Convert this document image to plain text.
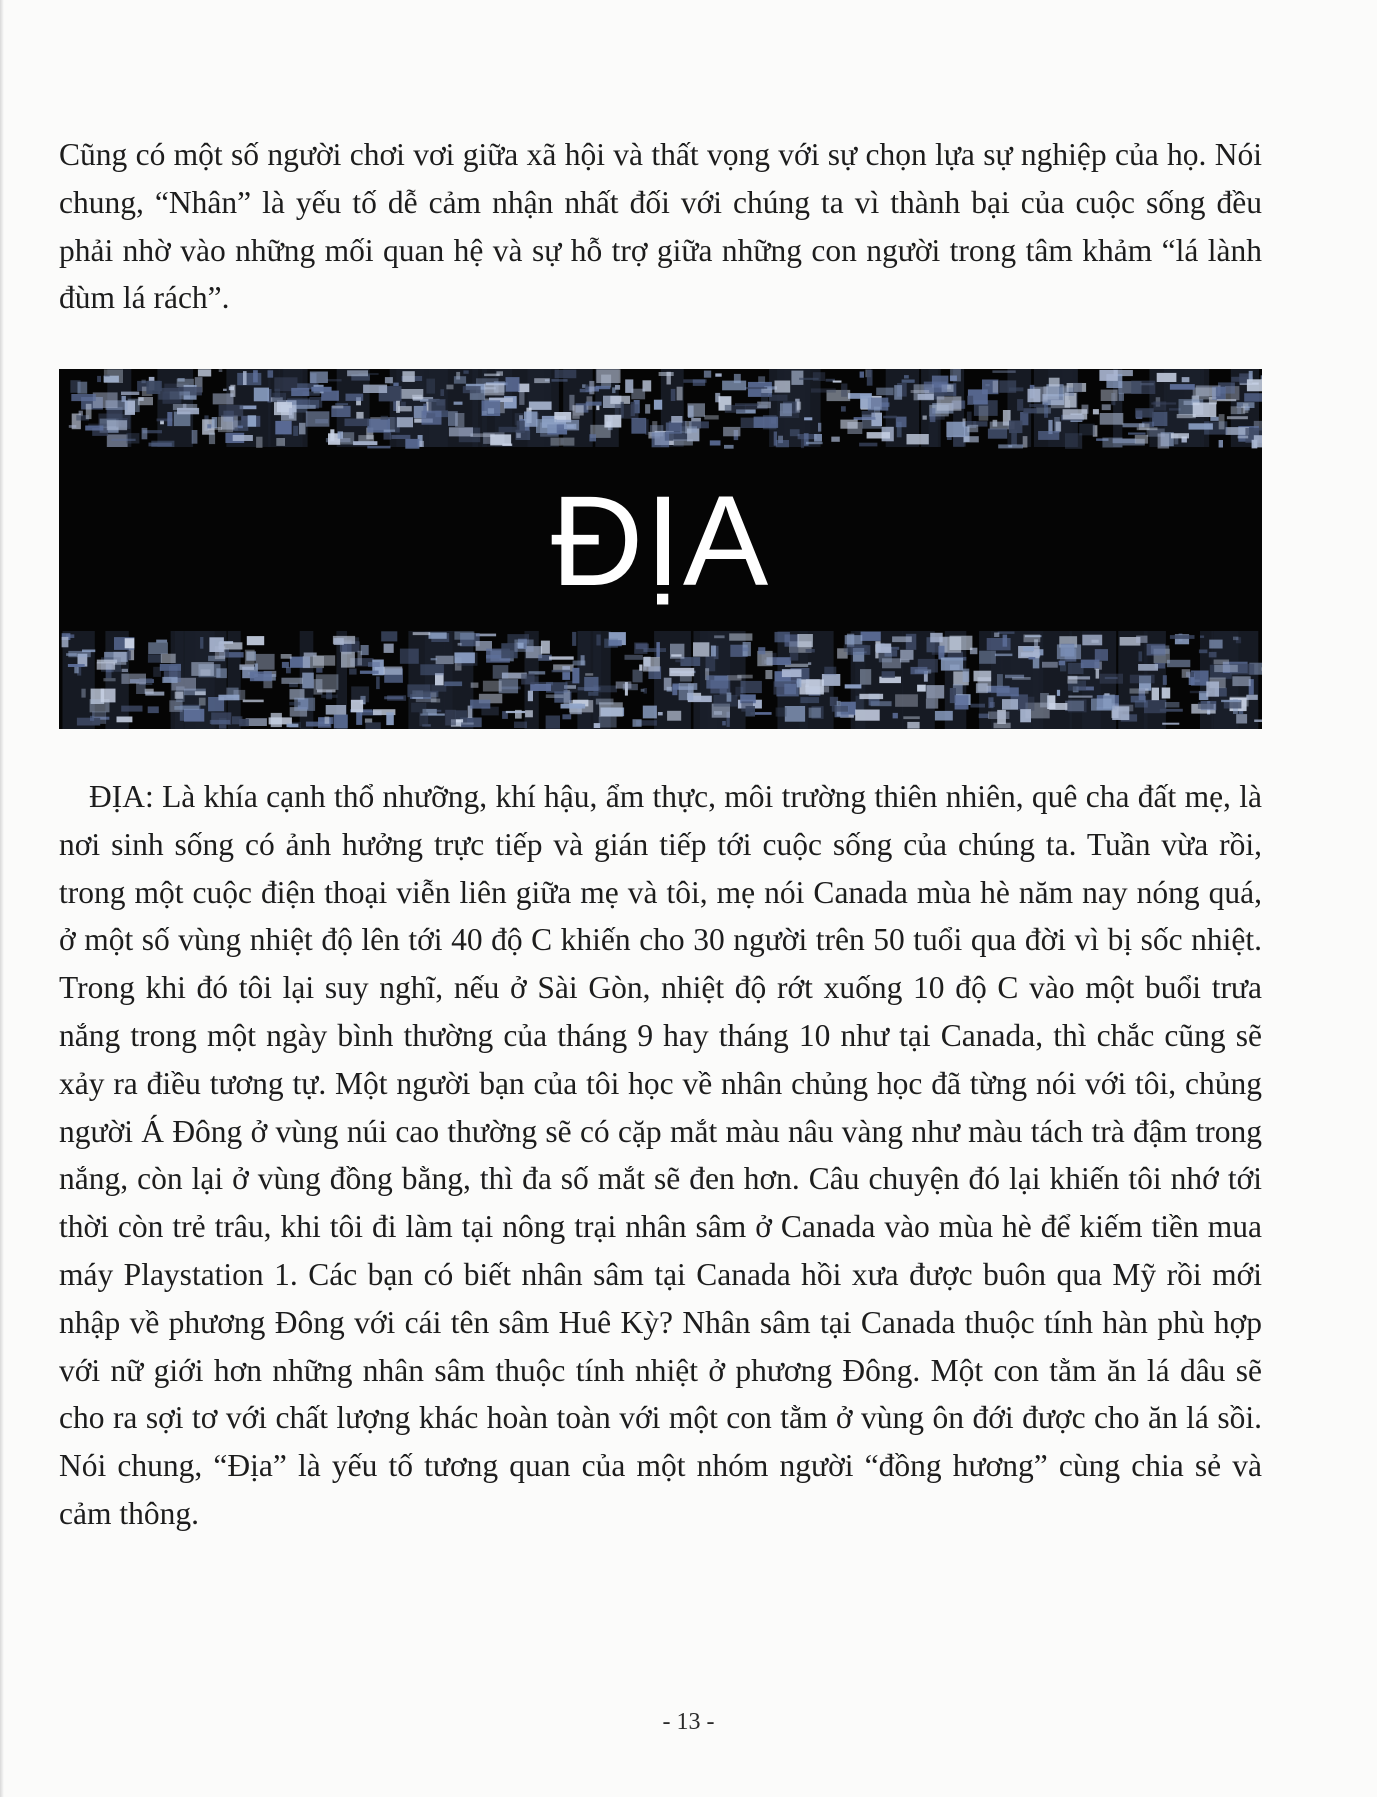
Cũng có một số người chơi vơi giữa xã hội và thất vọng với sự chọn lựa sự nghiệp của họ. Nói chung, “Nhân” là yếu tố dễ cảm nhận nhất đối với chúng ta vì thành bại của cuộc sống đều phải nhờ vào những mối quan hệ và sự hỗ trợ giữa những con người trong tâm khảm “lá lành đùm lá rách”.

ĐỊA

ĐỊA: Là khía cạnh thổ nhưỡng, khí hậu, ẩm thực, môi trường thiên nhiên, quê cha đất mẹ, là nơi sinh sống có ảnh hưởng trực tiếp và gián tiếp tới cuộc sống của chúng ta. Tuần vừa rồi, trong một cuộc điện thoại viễn liên giữa mẹ và tôi, mẹ nói Canada mùa hè năm nay nóng quá, ở một số vùng nhiệt độ lên tới 40 độ C khiến cho 30 người trên 50 tuổi qua đời vì bị sốc nhiệt. Trong khi đó tôi lại suy nghĩ, nếu ở Sài Gòn, nhiệt độ rớt xuống 10 độ C vào một buổi trưa nắng trong một ngày bình thường của tháng 9 hay tháng 10 như tại Canada, thì chắc cũng sẽ xảy ra điều tương tự. Một người bạn của tôi học về nhân chủng học đã từng nói với tôi, chủng người Á Đông ở vùng núi cao thường sẽ có cặp mắt màu nâu vàng như màu tách trà đậm trong nắng, còn lại ở vùng đồng bằng, thì đa số mắt sẽ đen hơn. Câu chuyện đó lại khiến tôi nhớ tới thời còn trẻ trâu, khi tôi đi làm tại nông trại nhân sâm ở Canada vào mùa hè để kiếm tiền mua máy Playstation 1. Các bạn có biết nhân sâm tại Canada hồi xưa được buôn qua Mỹ rồi mới nhập về phương Đông với cái tên sâm Huê Kỳ? Nhân sâm tại Canada thuộc tính hàn phù hợp với nữ giới hơn những nhân sâm thuộc tính nhiệt ở phương Đông. Một con tằm ăn lá dâu sẽ cho ra sợi tơ với chất lượng khác hoàn toàn với một con tằm ở vùng ôn đới được cho ăn lá sồi. Nói chung, “Địa” là yếu tố tương quan của một nhóm người “đồng hương” cùng chia sẻ và cảm thông.

- 13 -
